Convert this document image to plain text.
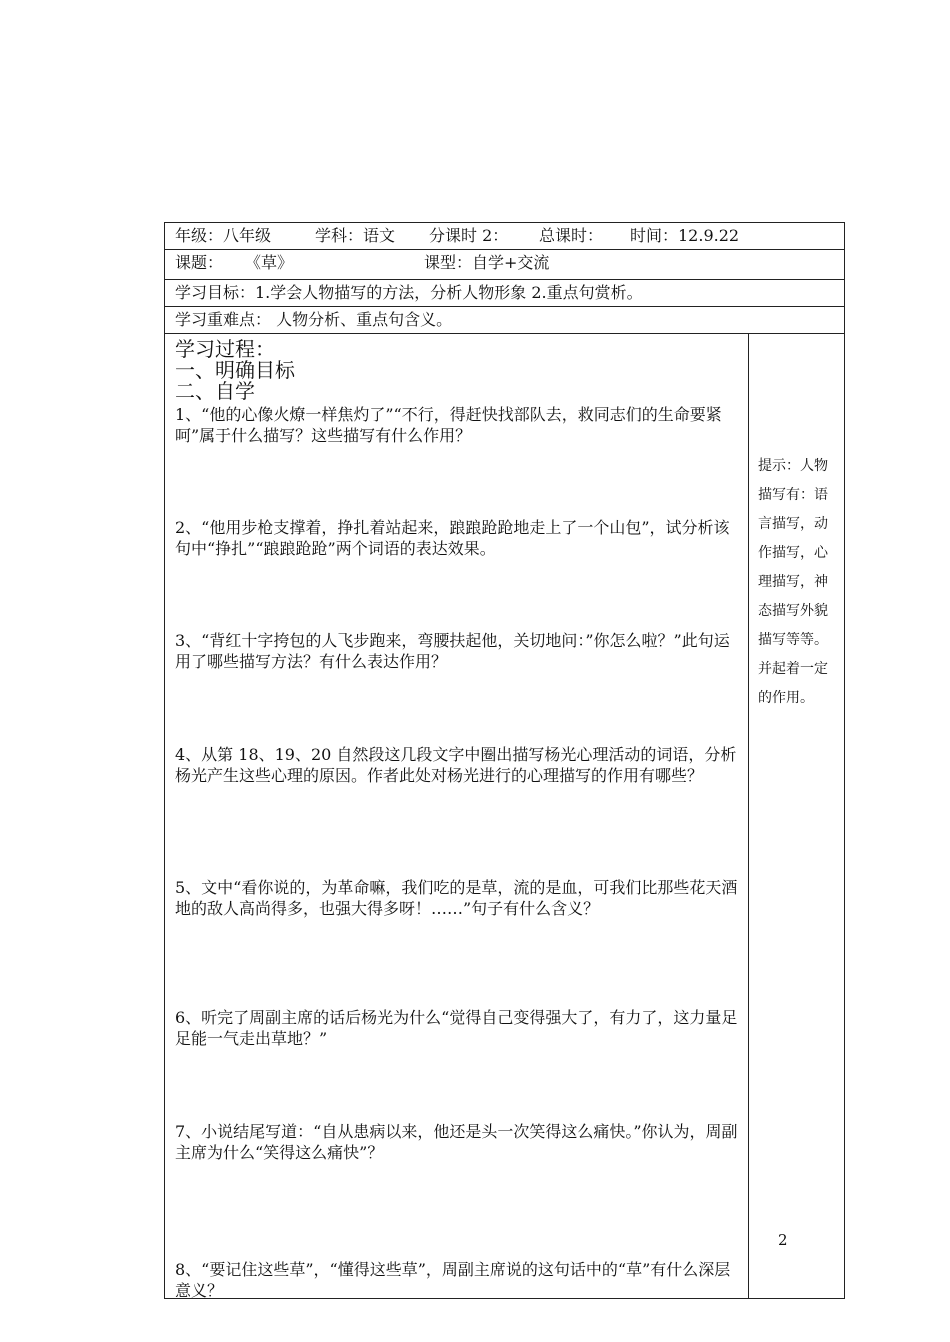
年级：八年级	学科：语文 分课时 2： 总课时： 时间：12.9.22
课题： 《草》	课型：自学+交流
学习目标：1.学会人物描写的方法，分析人物形象 2.重点句赏析。
学习重难点： 人物分析、重点句含义。
学习过程：
一、明确目标
二、自学
1、“他的心像火燎一样焦灼了”“不行，得赶快找部队去，救同志们的生命要紧呵”属于什么描写？这些描写有什么作用？
2、“他用步枪支撑着，挣扎着站起来，踉踉跄跄地走上了一个山包”，试分析该句中“挣扎”“踉踉跄跄”两个词语的表达效果。
3、“背红十字挎包的人飞步跑来，弯腰扶起他，关切地问：”你怎么啦？”此句运用了哪些描写方法？有什么表达作用？
4、从第 18、19、20 自然段这几段文字中圈出描写杨光心理活动的词语，分析杨光产生这些心理的原因。作者此处对杨光进行的心理描写的作用有哪些？
5、文中“看你说的，为革命嘛，我们吃的是草，流的是血，可我们比那些花天酒地的敌人高尚得多，也强大得多呀！……”句子有什么含义？
6、听完了周副主席的话后杨光为什么“觉得自己变得强大了，有力了，这力量足足能一气走出草地？”
7、小说结尾写道：“自从患病以来，他还是头一次笑得这么痛快。”你认为，周副主席为什么“笑得这么痛快”？
8、“要记住这些草”，“懂得这些草”，周副主席说的这句话中的“草”有什么深层意义？
提示：人物描写有：语言描写，动作描写，心理描写，神态描写外貌描写等等。并起着一定的作用。
2
